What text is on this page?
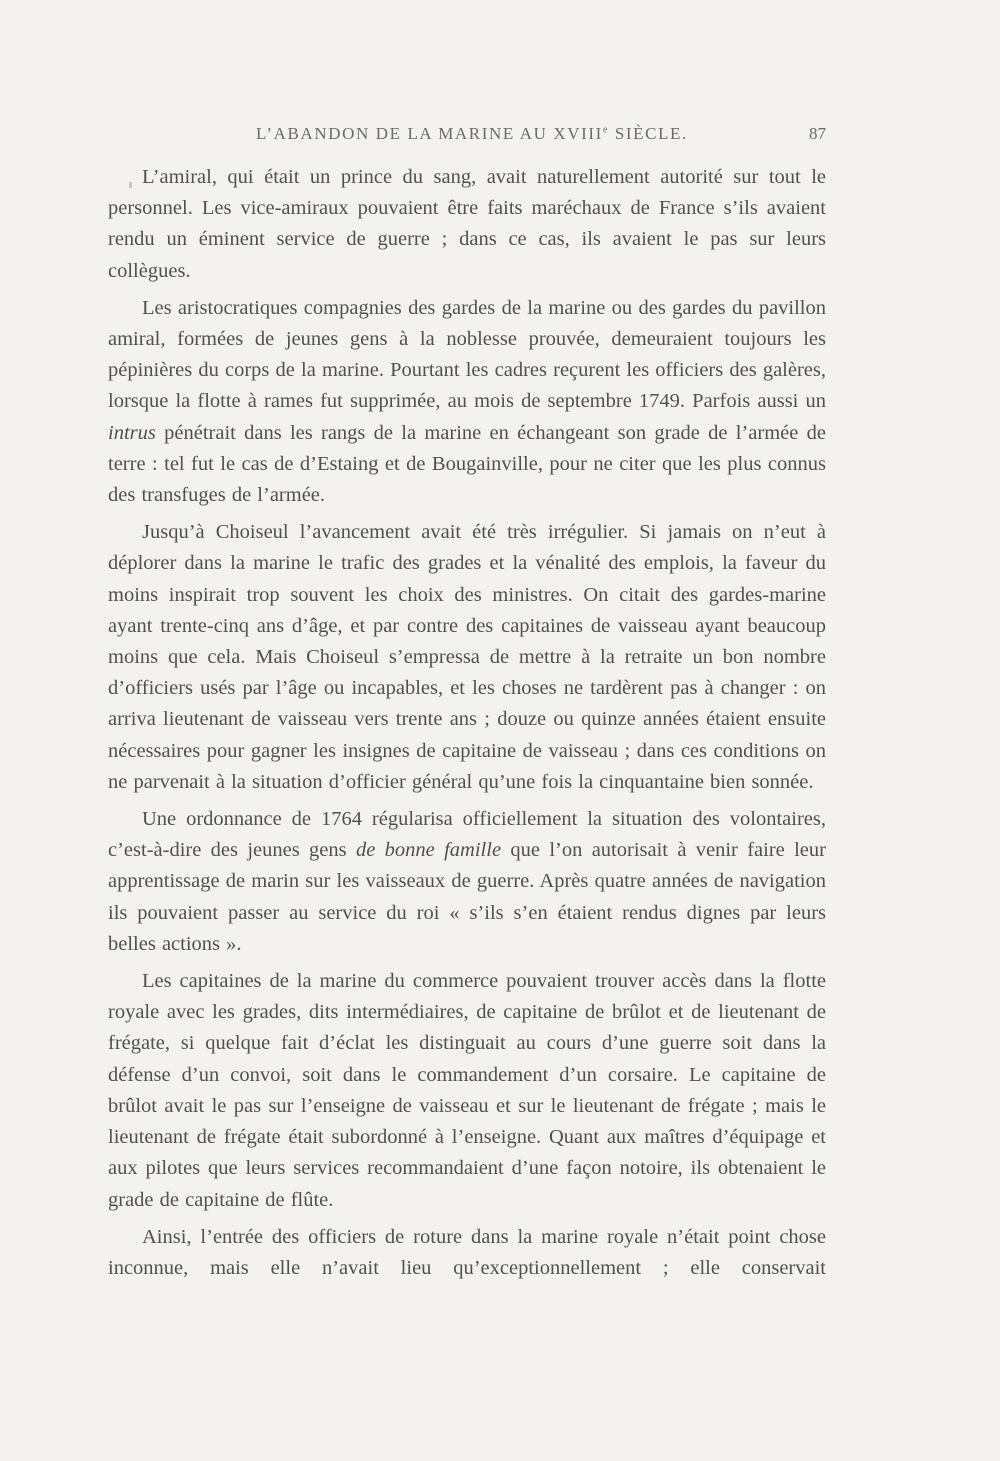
L’ABANDON DE LA MARINE AU XVIIIe SIÈCLE.	87

L’amiral, qui était un prince du sang, avait naturellement autorité sur tout le personnel. Les vice-amiraux pouvaient être faits maréchaux de France s’ils avaient rendu un éminent service de guerre ; dans ce cas, ils avaient le pas sur leurs collègues.

Les aristocratiques compagnies des gardes de la marine ou des gardes du pavillon amiral, formées de jeunes gens à la noblesse prouvée, demeuraient toujours les pépinières du corps de la marine. Pourtant les cadres reçurent les officiers des galères, lorsque la flotte à rames fut supprimée, au mois de septembre 1749. Parfois aussi un intrus pénétrait dans les rangs de la marine en échangeant son grade de l’armée de terre : tel fut le cas de d’Estaing et de Bougainville, pour ne citer que les plus connus des transfuges de l’armée.

Jusqu’à Choiseul l’avancement avait été très irrégulier. Si jamais on n’eut à déplorer dans la marine le trafic des grades et la vénalité des emplois, la faveur du moins inspirait trop souvent les choix des ministres. On citait des gardes-marine ayant trente-cinq ans d’âge, et par contre des capitaines de vaisseau ayant beaucoup moins que cela. Mais Choiseul s’empressa de mettre à la retraite un bon nombre d’officiers usés par l’âge ou incapables, et les choses ne tardèrent pas à changer : on arriva lieutenant de vaisseau vers trente ans ; douze ou quinze années étaient ensuite nécessaires pour gagner les insignes de capitaine de vaisseau ; dans ces conditions on ne parvenait à la situation d’officier général qu’une fois la cinquantaine bien sonnée.

Une ordonnance de 1764 régularisa officiellement la situation des volontaires, c’est-à-dire des jeunes gens de bonne famille que l’on autorisait à venir faire leur apprentissage de marin sur les vaisseaux de guerre. Après quatre années de navigation ils pouvaient passer au service du roi « s’ils s’en étaient rendus dignes par leurs belles actions ».

Les capitaines de la marine du commerce pouvaient trouver accès dans la flotte royale avec les grades, dits intermédiaires, de capitaine de brûlot et de lieutenant de frégate, si quelque fait d’éclat les distinguait au cours d’une guerre soit dans la défense d’un convoi, soit dans le commandement d’un corsaire. Le capitaine de brûlot avait le pas sur l’enseigne de vaisseau et sur le lieutenant de frégate ; mais le lieutenant de frégate était subordonné à l’enseigne. Quant aux maîtres d’équipage et aux pilotes que leurs services recommandaient d’une façon notoire, ils obtenaient le grade de capitaine de flûte.

Ainsi, l’entrée des officiers de roture dans la marine royale n’était point chose inconnue, mais elle n’avait lieu qu’exceptionnellement ; elle conservait
